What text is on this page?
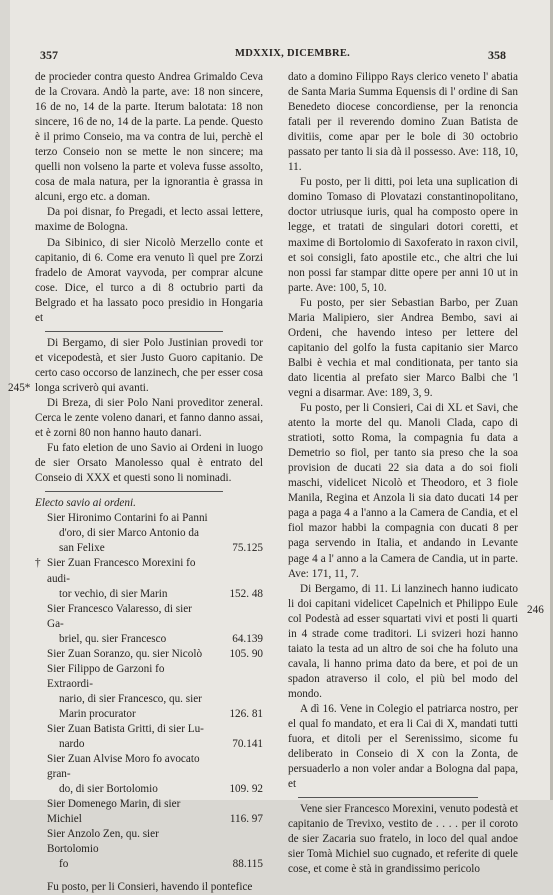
357	MDXXIX, DICEMBRE.	358
245*
246

de procieder contra questo Andrea Grimaldo Ceva de la Crovara. Andò la parte, ave: 18 non sincere, 16 de no, 14 de la parte. Iterum balotata: 18 non sincere, 16 de no, 14 de la parte. La pende. Questo è il primo Conseio, ma va contra de lui, perchè el terzo Conseio non se mette le non sincere; ma quelli non volseno la parte et voleva fusse assolto, cosa de mala natura, per la ignorantia è grassa in alcuni, ergo etc. a doman.

Da poi disnar, fo Pregadi, et lecto assai lettere, maxime de Bologna.

Da Sibinico, di sier Nicolò Merzello conte et capitanio, di 6. Come era venuto lì quel pre Zorzi fradelo de Amorat vayvoda, per comprar alcune cose. Dice, el turco a di 8 octubrio parti da Belgrado et ha lassato poco presidio in Hongaria et

Di Bergamo, di sier Polo Justinian provedi tor et vicepodestà, et sier Justo Guoro capitanio. De certo caso occorso de lanzinech, che per esser cosa longa scriverò qui avanti.

Di Breza, di sier Polo Nani proveditor zeneral. Cerca le zente voleno danari, et fanno danno assai, et è zorni 80 non hanno hauto danari.

Fu fato eletion de uno Savio ai Ordeni in luogo de sier Orsato Manolesso qual è entrato del Conseio di XXX et questi sono li nominadi.

Electo savio ai ordeni.

Sier Hironimo Contarini fo ai Panni
d'oro, di sier Marco Antonio da san Felixe	75.125
† Sier Zuan Francesco Morexini fo audi-
tor vechio, di sier Marin	152. 48
Sier Francesco Valaresso, di sier Ga-
briel, qu. sier Francesco	64.139
Sier Zuan Soranzo, qu. sier Nicolò	105. 90
Sier Filippo de Garzoni fo Extraordi-
nario, di sier Francesco, qu. sier Marin procurator	126. 81
Sier Zuan Batista Gritti, di sier Lu-
nardo	70.141
Sier Zuan Alvise Moro fo avocato gran-
do, di sier Bortolomio	109. 92
Sier Domenego Marin, di sier Michiel	116. 97
Sier Anzolo Zen, qu. sier Bortolomio
fo	88.115

Fu posto, per li Consieri, havendo il pontefice

dato a domino Filippo Rays clerico veneto l' abatia de Santa Maria Summa Equensis di l' ordine di San Benedeto diocese concordiense, per la renoncia fatali per il reverendo domino Zuan Batista de divitiis, come apar per le bole di 30 octobrio passato per tanto li sia dà il possesso. Ave: 118, 10, 11.

Fu posto, per li ditti, poi leta una suplication di domino Tomaso di Plovatazi constantinopolitano, doctor utriusque iuris, qual ha composto opere in legge, et tratati de singulari dotori coretti, et maxime di Bortolomio di Saxoferato in raxon civil, et soi consigli, fato apostile etc., che altri che lui non possi far stampar ditte opere per anni 10 ut in parte. Ave: 100, 5, 10.

Fu posto, per sier Sebastian Barbo, per Zuan Maria Malipiero, sier Andrea Bembo, savi ai Ordeni, che havendo inteso per lettere del capitanio del golfo la fusta capitanio sier Marco Balbi è vechia et mal conditionata, per tanto sia dato licentia al prefato sier Marco Balbi che 'l vegni a disarmar. Ave: 189, 3, 9.

Fu posto, per li Consieri, Cai di XL et Savi, che atento la morte del qu. Manoli Clada, capo di stratioti, sotto Roma, la compagnia fu data a Demetrio so fiol, per tanto sia preso che la soa provision de ducati 22 sia data a do soi fioli maschi, videlicet Nicolò et Theodoro, et 3 fiole Manila, Regina et Anzola li sia dato ducati 14 per paga a paga 4 a l'anno a la Camera de Candia, et el fiol mazor habbi la compagnia con ducati 8 per paga servendo in Italia, et andando in Levante page 4 a l' anno a la Camera de Candia, ut in parte. Ave: 171, 11, 7.

Di Bergamo, di 11. Li lanzinech hanno iudicato li doi capitani videlicet Capelnich et Philippo Eule col Podestà ad esser squartati vivi et posti li quarti in 4 strade come traditori. Li svizeri hozi hanno taiato la testa ad un altro de soi che ha foluto una cavala, li hanno prima dato da bere, et poi de un spadon atraverso il colo, el più bel modo del mondo.

A dì 16. Vene in Colegio el patriarca nostro, per el qual fo mandato, et era li Cai di X, mandati tutti fuora, et ditoli per el Serenissimo, sicome fu deliberato in Conseio di X con la Zonta, de persuaderlo a non voler andar a Bologna dal papa, et

Vene sier Francesco Morexini, venuto podestà et capitanio de Trevixo, vestito de . . . . per il coroto de sier Zacaria suo fratelo, in loco del qual andoe sier Tomà Michiel suo cugnado, et referite di quele cose, et come è stà in grandissimo pericolo
